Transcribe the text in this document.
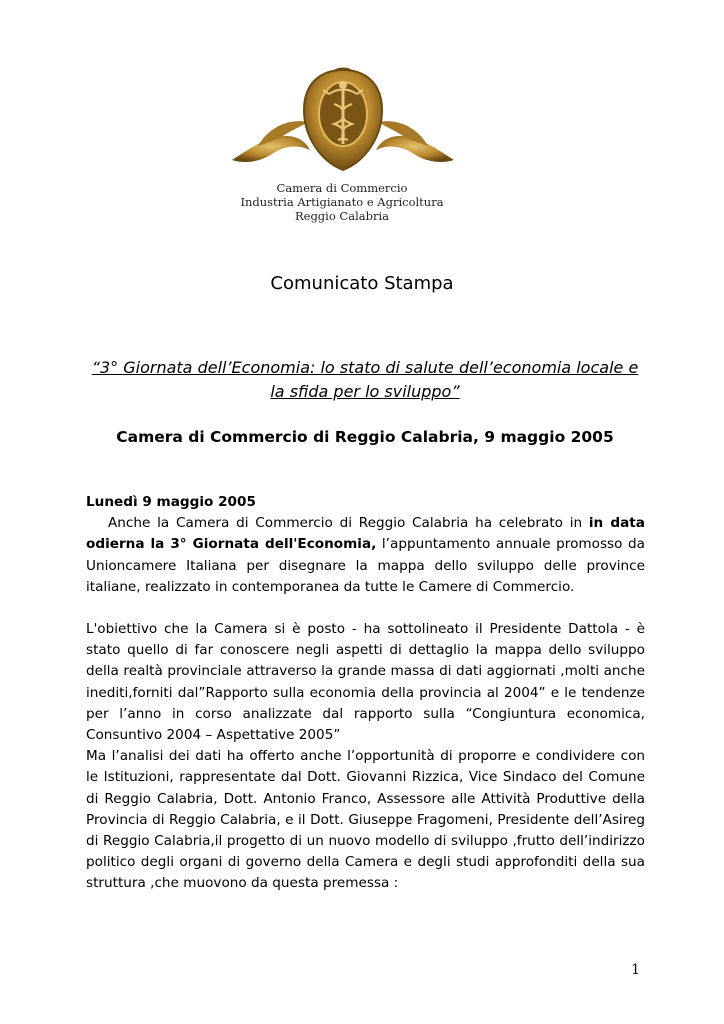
Camera di Commercio
Industria Artigianato e Agricoltura
Reggio Calabria
Comunicato Stampa
“3° Giornata dell’Economia: lo stato di salute dell’economia locale e la sfida per lo sviluppo”
Camera di Commercio di Reggio Calabria, 9 maggio 2005

Lunedì 9 maggio 2005

Anche la Camera di Commercio di Reggio Calabria ha celebrato in in data odierna la 3° Giornata dell'Economia, l’appuntamento annuale promosso da Unioncamere Italiana per disegnare la mappa dello sviluppo delle province italiane, realizzato in contemporanea da tutte le Camere di Commercio.

L'obiettivo che la Camera si è posto - ha sottolineato il Presidente Dattola - è stato quello di far conoscere negli aspetti di dettaglio la mappa dello sviluppo della realtà provinciale attraverso la grande massa di dati aggiornati ,molti anche inediti,forniti dal”Rapporto sulla economia della provincia al 2004” e le tendenze per l’anno in corso analizzate dal rapporto sulla “Congiuntura economica, Consuntivo 2004 – Aspettative 2005”

Ma l’analisi dei dati ha offerto anche l’opportunità di proporre e condividere con le Istituzioni, rappresentate dal Dott. Giovanni Rizzica, Vice Sindaco del Comune di Reggio Calabria, Dott. Antonio Franco, Assessore alle Attività Produttive della Provincia di Reggio Calabria, e il Dott. Giuseppe Fragomeni, Presidente dell’Asireg di Reggio Calabria,il progetto di un nuovo modello di sviluppo ,frutto dell’indirizzo politico degli organi di governo della Camera e degli studi approfonditi della sua struttura ,che muovono da questa premessa :

1
